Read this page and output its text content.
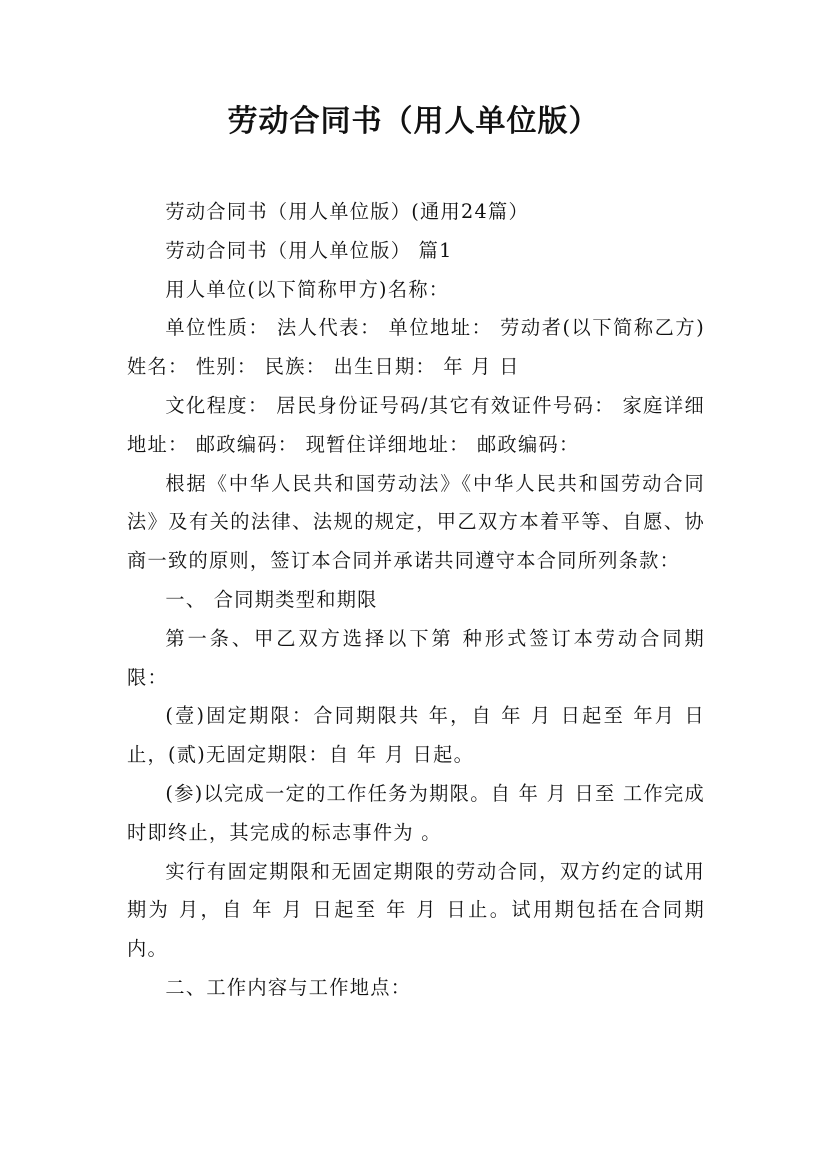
劳动合同书（用人单位版）

劳动合同书（用人单位版）(通用24篇）

劳动合同书（用人单位版） 篇1

用人单位(以下简称甲方)名称：

单位性质： 法人代表： 单位地址： 劳动者(以下简称乙方)姓名： 性别： 民族： 出生日期： 年 月 日

文化程度： 居民身份证号码/其它有效证件号码： 家庭详细地址： 邮政编码： 现暂住详细地址： 邮政编码：

根据《中华人民共和国劳动法》《中华人民共和国劳动合同法》及有关的法律、法规的规定，甲乙双方本着平等、自愿、协商一致的原则，签订本合同并承诺共同遵守本合同所列条款：

一、 合同期类型和期限

第一条、甲乙双方选择以下第 种形式签订本劳动合同期限：

(壹)固定期限：合同期限共 年，自 年 月 日起至 年月 日止，(贰)无固定期限：自 年 月 日起。

(参)以完成一定的工作任务为期限。自 年 月 日至 工作完成时即终止，其完成的标志事件为 。

实行有固定期限和无固定期限的劳动合同，双方约定的试用期为 月，自 年 月 日起至 年 月 日止。试用期包括在合同期内。

二、工作内容与工作地点：
